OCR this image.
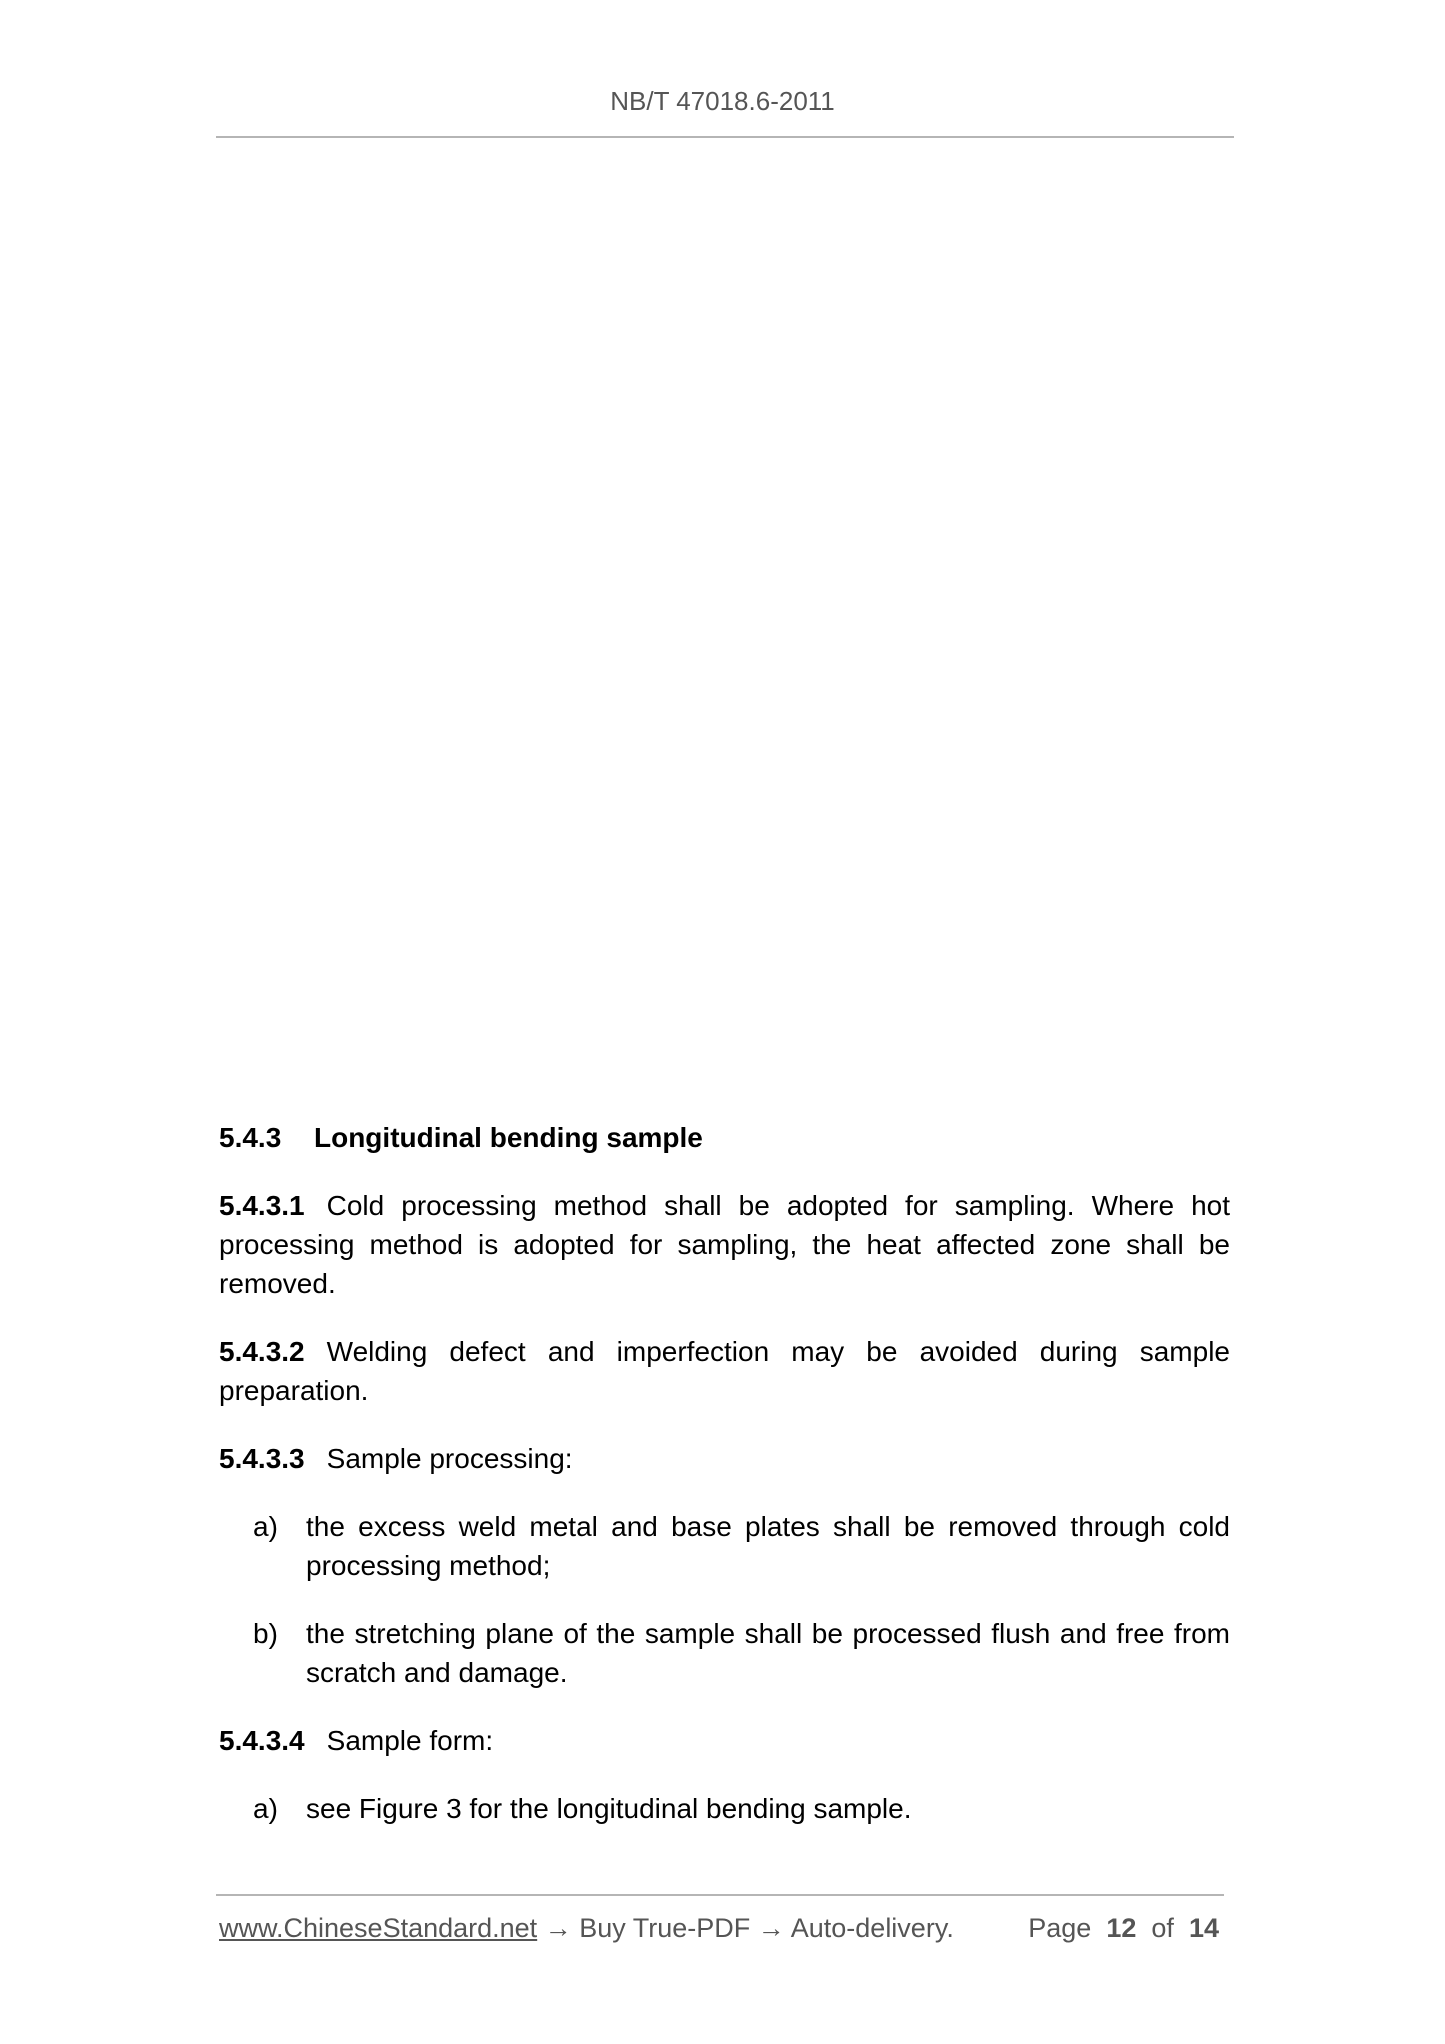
NB/T 47018.6-2011
5.4.3 Longitudinal bending sample
5.4.3.1 Cold processing method shall be adopted for sampling. Where hot processing method is adopted for sampling, the heat affected zone shall be removed.
5.4.3.2 Welding defect and imperfection may be avoided during sample preparation.
5.4.3.3 Sample processing:
a) the excess weld metal and base plates shall be removed through cold processing method;
b) the stretching plane of the sample shall be processed flush and free from scratch and damage.
5.4.3.4 Sample form:
a) see Figure 3 for the longitudinal bending sample.
www.ChineseStandard.net → Buy True-PDF → Auto-delivery.	Page 12 of 14
